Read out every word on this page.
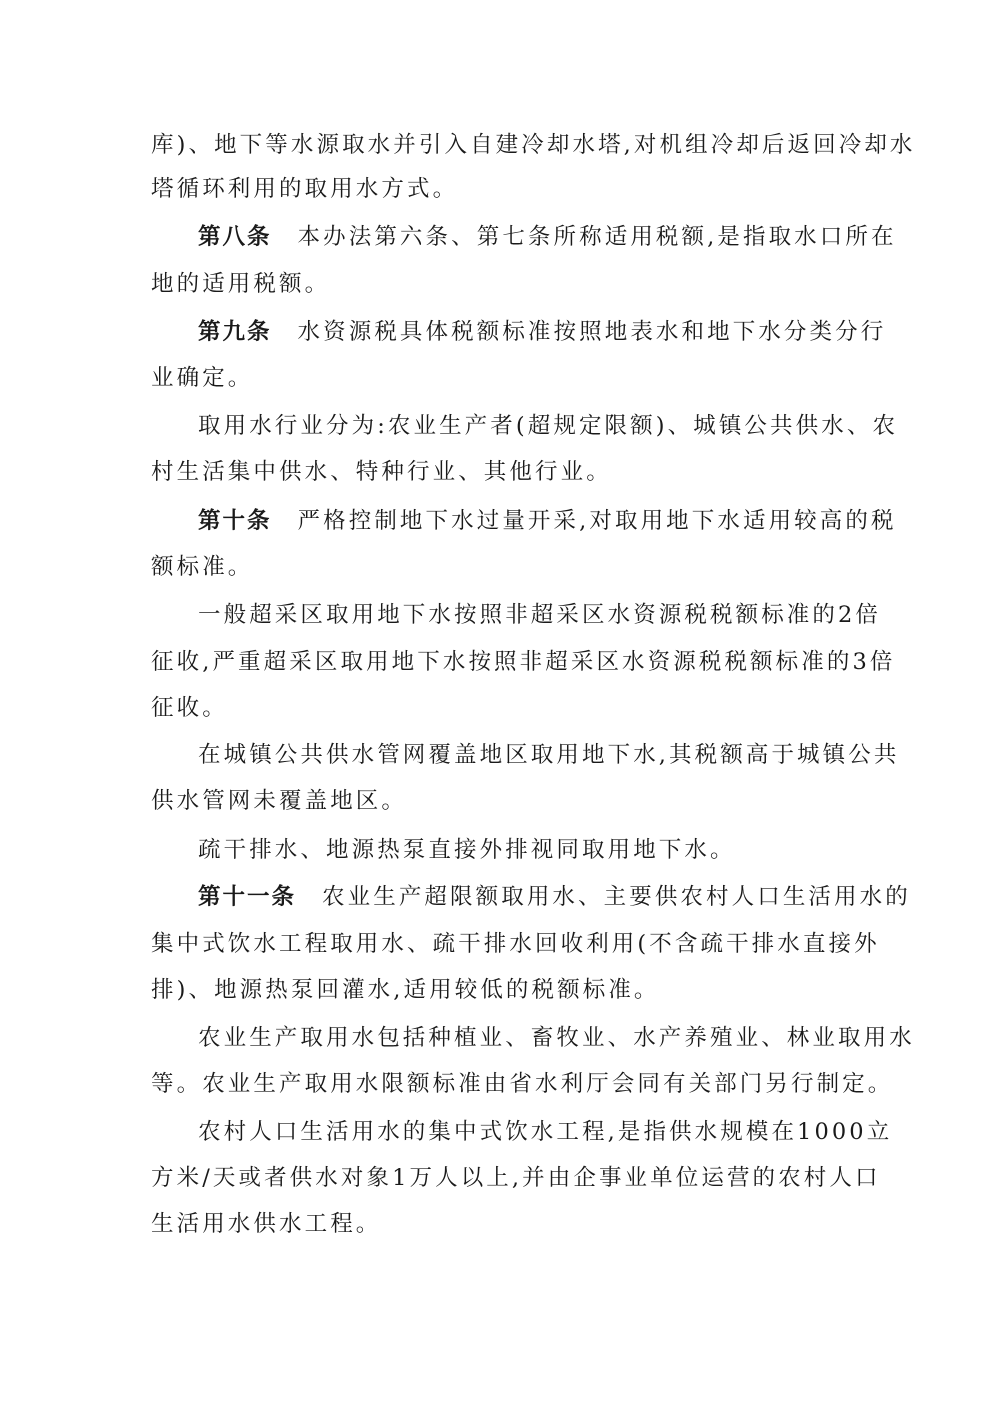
库)、地下等水源取水并引入自建冷却水塔,对机组冷却后返回冷却水
塔循环利用的取用水方式。
第八条 本办法第六条、第七条所称适用税额,是指取水口所在
地的适用税额。
第九条 水资源税具体税额标准按照地表水和地下水分类分行
业确定。
取用水行业分为:农业生产者(超规定限额)、城镇公共供水、农
村生活集中供水、特种行业、其他行业。
第十条 严格控制地下水过量开采,对取用地下水适用较高的税
额标准。
一般超采区取用地下水按照非超采区水资源税税额标准的2倍
征收,严重超采区取用地下水按照非超采区水资源税税额标准的3倍
征收。
在城镇公共供水管网覆盖地区取用地下水,其税额高于城镇公共
供水管网未覆盖地区。
疏干排水、地源热泵直接外排视同取用地下水。
第十一条 农业生产超限额取用水、主要供农村人口生活用水的
集中式饮水工程取用水、疏干排水回收利用(不含疏干排水直接外
排)、地源热泵回灌水,适用较低的税额标准。
农业生产取用水包括种植业、畜牧业、水产养殖业、林业取用水
等。农业生产取用水限额标准由省水利厅会同有关部门另行制定。
农村人口生活用水的集中式饮水工程,是指供水规模在1000立
方米/天或者供水对象1万人以上,并由企事业单位运营的农村人口
生活用水供水工程。
